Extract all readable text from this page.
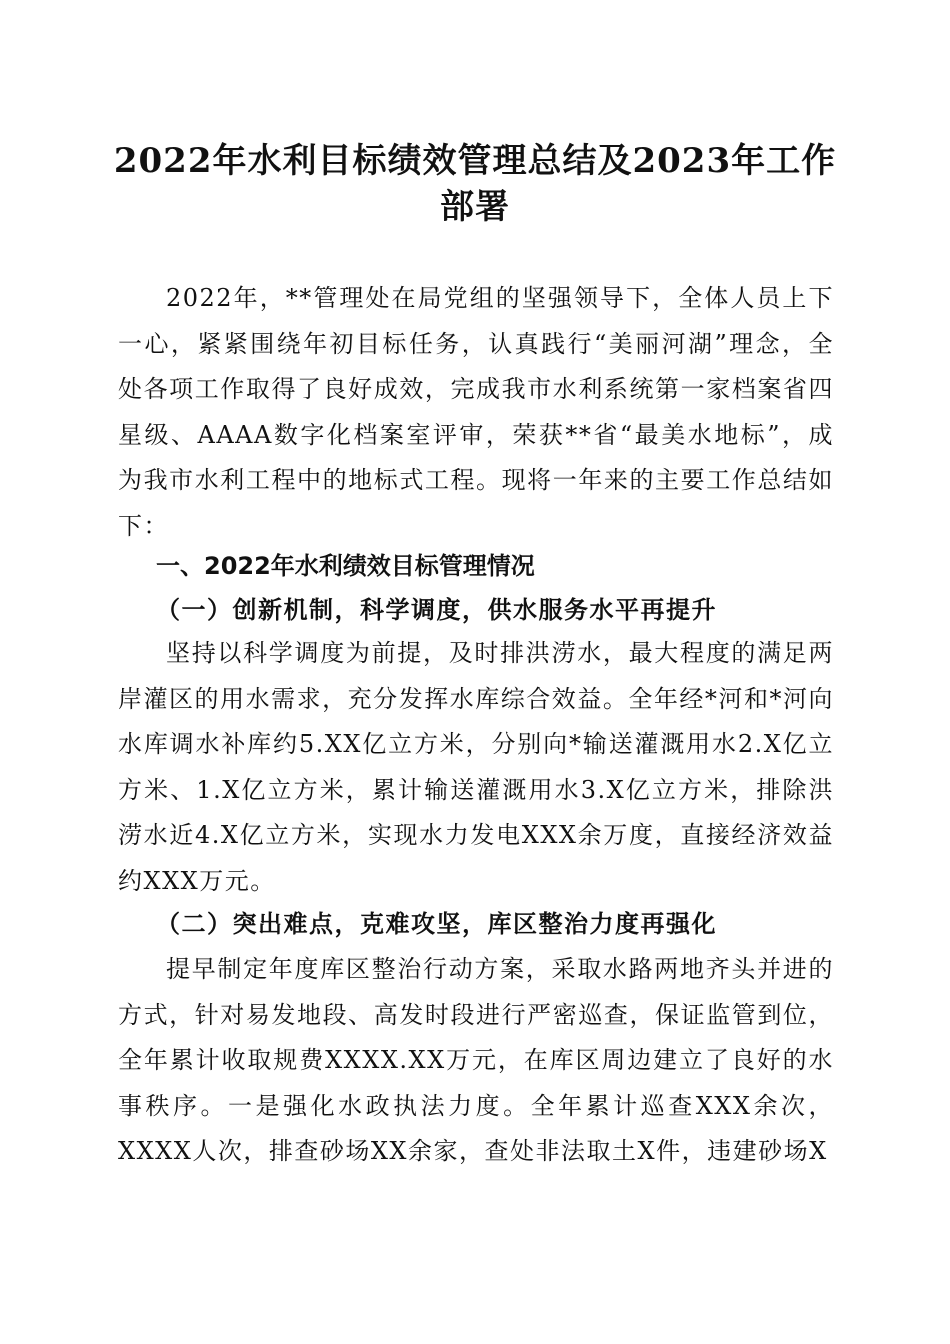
2022年水利目标绩效管理总结及2023年工作
部署

2022年，**管理处在局党组的坚强领导下，全体人员上下一心，紧紧围绕年初目标任务，认真践行“美丽河湖”理念，全处各项工作取得了良好成效，完成我市水利系统第一家档案省四星级、AAAA数字化档案室评审，荣获**省“最美水地标”，成为我市水利工程中的地标式工程。现将一年来的主要工作总结如下：

一、2022年水利绩效目标管理情况
（一）创新机制，科学调度，供水服务水平再提升

坚持以科学调度为前提，及时排洪涝水，最大程度的满足两岸灌区的用水需求，充分发挥水库综合效益。全年经*河和*河向水库调水补库约5.XX亿立方米，分别向*输送灌溉用水2.X亿立方米、1.X亿立方米，累计输送灌溉用水3.X亿立方米，排除洪涝水近4.X亿立方米，实现水力发电XXX余万度，直接经济效益约XXX万元。

（二）突出难点，克难攻坚，库区整治力度再强化

提早制定年度库区整治行动方案，采取水路两地齐头并进的方式，针对易发地段、高发时段进行严密巡查，保证监管到位，全年累计收取规费XXXX.XX万元，在库区周边建立了良好的水事秩序。一是强化水政执法力度。全年累计巡查XXX余次，XXXX人次，排查砂场XX余家，查处非法取土X件，违建砂场X
